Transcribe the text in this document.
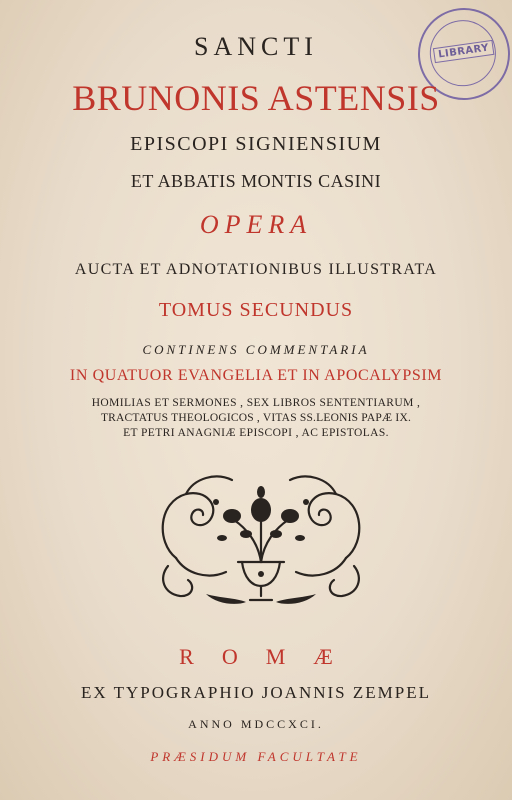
LIBRARY
SANCTI
BRUNONIS ASTENSIS
EPISCOPI SIGNIENSIUM
ET ABBATIS MONTIS CASINI
OPERA
AUCTA ET ADNOTATIONIBUS ILLUSTRATA
TOMUS SECUNDUS
CONTINENS COMMENTARIA
IN QUATUOR EVANGELIA ET IN APOCALYPSIM
HOMILIAS ET SERMONES , SEX LIBROS SENTENTIARUM ,
TRACTATUS THEOLOGICOS , VITAS SS.LEONIS PAPÆ IX.
ET PETRI ANAGNIÆ EPISCOPI , AC EPISTOLAS.
ROMÆ
EX TYPOGRAPHIO JOANNIS ZEMPEL
ANNO MDCCXCI.
PRÆSIDUM FACULTATE
